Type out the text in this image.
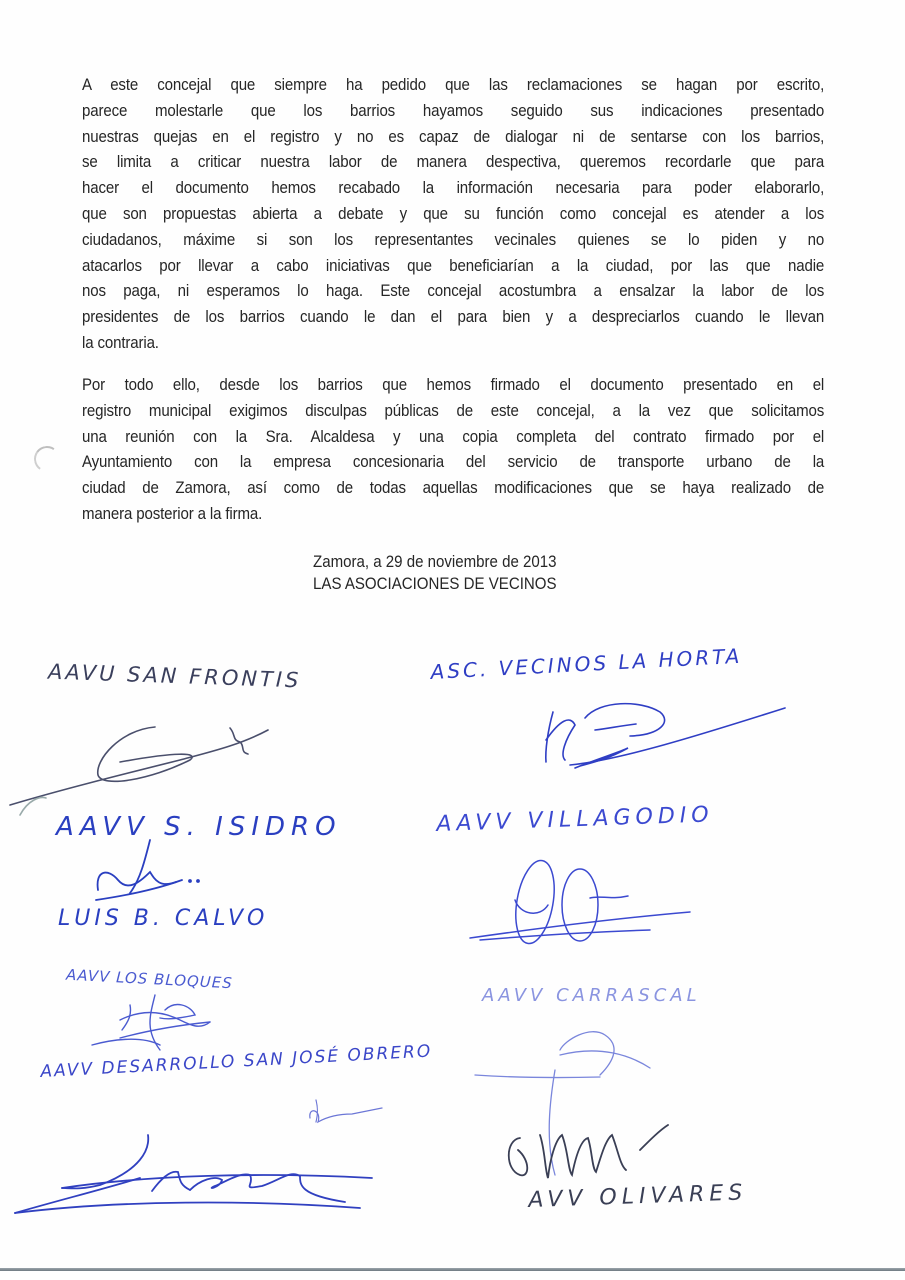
A este concejal que siempre ha pedido que las reclamaciones se hagan por escrito,
parece molestarle que los barrios hayamos seguido sus indicaciones presentado
nuestras quejas en el registro y no es capaz de dialogar ni de sentarse con los barrios,
se limita a criticar nuestra labor de manera despectiva, queremos recordarle que para
hacer el documento hemos recabado la información necesaria para poder elaborarlo,
que son propuestas abierta a debate y que su función como concejal es atender a los
ciudadanos, máxime si son los representantes vecinales quienes se lo piden y no
atacarlos por llevar a cabo iniciativas que beneficiarían a la ciudad, por las que nadie
nos paga, ni esperamos lo haga. Este concejal acostumbra a ensalzar la labor de los
presidentes de los barrios cuando le dan el para bien y a despreciarlos cuando le llevan
la contraria.
Por todo ello, desde los barrios que hemos firmado el documento presentado en el
registro municipal exigimos disculpas públicas de este concejal, a la vez que solicitamos
una reunión con la Sra. Alcaldesa y una copia completa del contrato firmado por el
Ayuntamiento con la empresa concesionaria del servicio de transporte urbano de la
ciudad de Zamora, así como de todas aquellas modificaciones que se haya realizado de
manera posterior a la firma.
Zamora, a 29 de noviembre de 2013
LAS ASOCIACIONES DE VECINOS
AAVU SAN FRONTIS
AAVV S. ISIDRO
LUIS B. CALVO
AAVV LOS BLOQUES
AAVV DESARROLLO SAN JOSÉ OBRERO
ASC. VECINOS LA HORTA
AAVV VILLAGODIO
AAVV CARRASCAL
AVV OLIVARES
